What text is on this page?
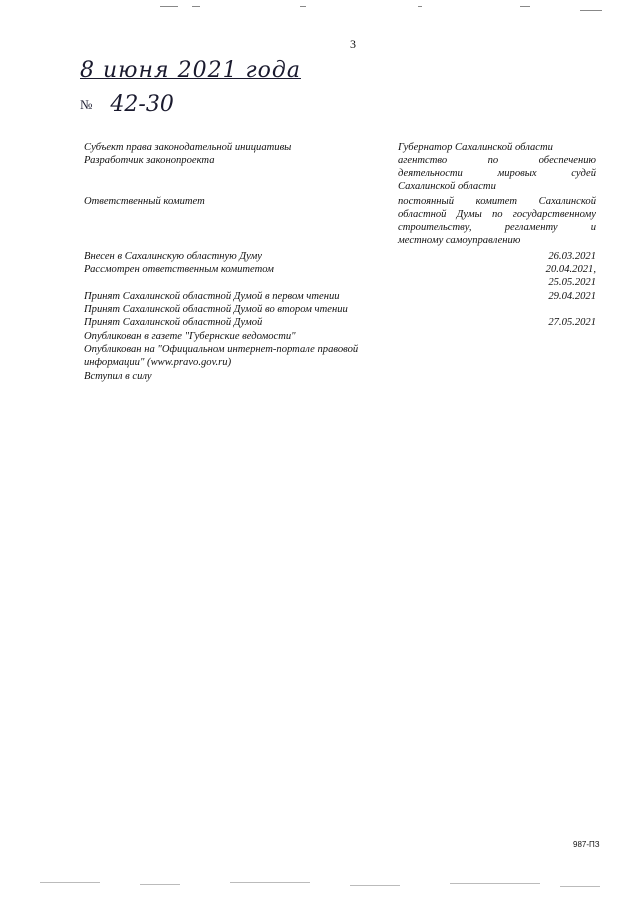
3
8 июня 2021 года
№ 42-30
Субъект права законодательной инициативы	Губернатор Сахалинской области
Разработчик законопроекта	агентство по обеспечению
деятельности мировых судей
Сахалинской области
Ответственный комитет	постоянный комитет Сахалинской
областной Думы по государственному
строительству, регламенту и
местному самоуправлению
Внесен в Сахалинскую областную Думу	26.03.2021
Рассмотрен ответственным комитетом	20.04.2021,
25.05.2021
Принят Сахалинской областной Думой в первом чтении	29.04.2021
Принят Сахалинской областной Думой во втором чтении
Принят Сахалинской областной Думой	27.05.2021
Опубликован в газете "Губернские ведомости"
Опубликован на "Официальном интернет-портале правовой
информации" (www.pravo.gov.ru)
Вступил в силу
987-ПЗ
